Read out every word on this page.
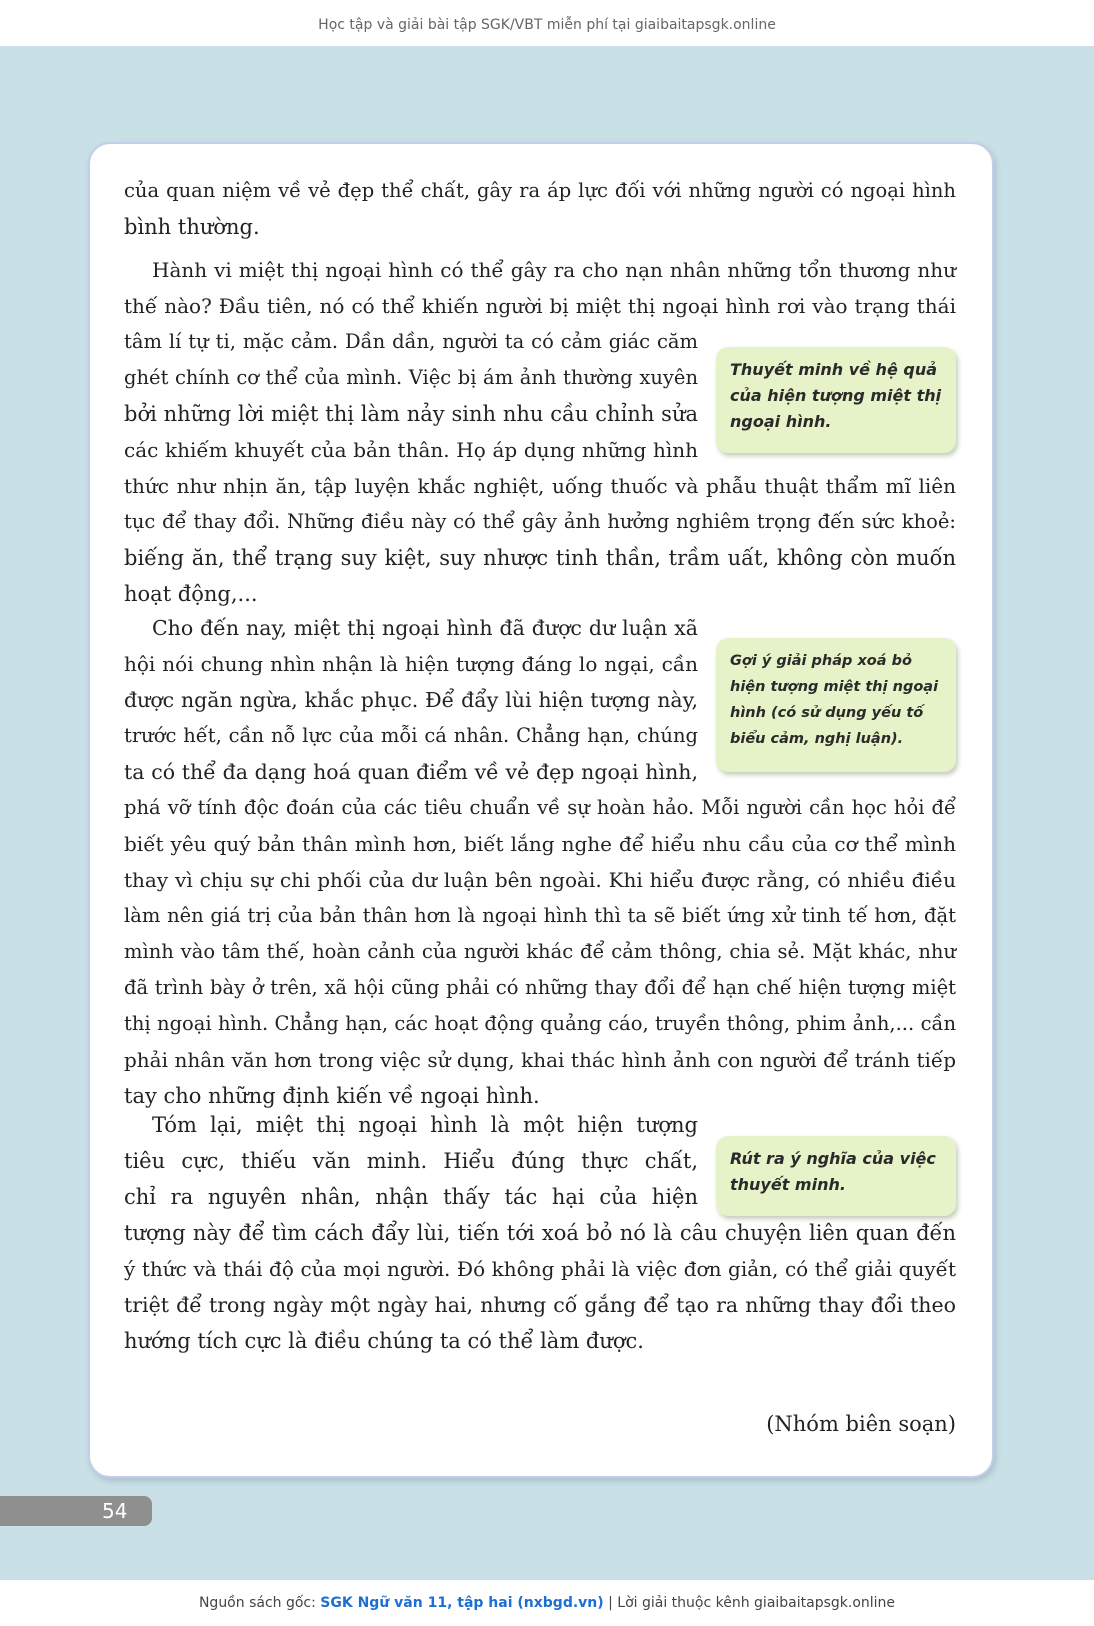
Học tập và giải bài tập SGK/VBT miễn phí tại giaibaitapsgk.online
của quan niệm về vẻ đẹp thể chất, gây ra áp lực đối với những người có ngoại hình
bình thường.
Hành vi miệt thị ngoại hình có thể gây ra cho nạn nhân những tổn thương như
thế nào? Đầu tiên, nó có thể khiến người bị miệt thị ngoại hình rơi vào trạng thái
tâm lí tự ti, mặc cảm. Dần dần, người ta có cảm giác căm
ghét chính cơ thể của mình. Việc bị ám ảnh thường xuyên
bởi những lời miệt thị làm nảy sinh nhu cầu chỉnh sửa
các khiếm khuyết của bản thân. Họ áp dụng những hình
thức như nhịn ăn, tập luyện khắc nghiệt, uống thuốc và phẫu thuật thẩm mĩ liên
tục để thay đổi. Những điều này có thể gây ảnh hưởng nghiêm trọng đến sức khoẻ:
biếng ăn, thể trạng suy kiệt, suy nhược tinh thần, trầm uất, không còn muốn
hoạt động,...
Cho đến nay, miệt thị ngoại hình đã được dư luận xã
hội nói chung nhìn nhận là hiện tượng đáng lo ngại, cần
được ngăn ngừa, khắc phục. Để đẩy lùi hiện tượng này,
trước hết, cần nỗ lực của mỗi cá nhân. Chẳng hạn, chúng
ta có thể đa dạng hoá quan điểm về vẻ đẹp ngoại hình,
phá vỡ tính độc đoán của các tiêu chuẩn về sự hoàn hảo. Mỗi người cần học hỏi để
biết yêu quý bản thân mình hơn, biết lắng nghe để hiểu nhu cầu của cơ thể mình
thay vì chịu sự chi phối của dư luận bên ngoài. Khi hiểu được rằng, có nhiều điều
làm nên giá trị của bản thân hơn là ngoại hình thì ta sẽ biết ứng xử tinh tế hơn, đặt
mình vào tâm thế, hoàn cảnh của người khác để cảm thông, chia sẻ. Mặt khác, như
đã trình bày ở trên, xã hội cũng phải có những thay đổi để hạn chế hiện tượng miệt
thị ngoại hình. Chẳng hạn, các hoạt động quảng cáo, truyền thông, phim ảnh,... cần
phải nhân văn hơn trong việc sử dụng, khai thác hình ảnh con người để tránh tiếp
tay cho những định kiến về ngoại hình.
Tóm lại, miệt thị ngoại hình là một hiện tượng
tiêu cực, thiếu văn minh. Hiểu đúng thực chất,
chỉ ra nguyên nhân, nhận thấy tác hại của hiện
tượng này để tìm cách đẩy lùi, tiến tới xoá bỏ nó là câu chuyện liên quan đến
ý thức và thái độ của mọi người. Đó không phải là việc đơn giản, có thể giải quyết
triệt để trong ngày một ngày hai, nhưng cố gắng để tạo ra những thay đổi theo
hướng tích cực là điều chúng ta có thể làm được.
Thuyết minh về hệ quả
của hiện tượng miệt thị
ngoại hình.
Gợi ý giải pháp xoá bỏ
hiện tượng miệt thị ngoại
hình (có sử dụng yếu tố
biểu cảm, nghị luận).
Rút ra ý nghĩa của việc
thuyết minh.
(Nhóm biên soạn)
54
Nguồn sách gốc: SGK Ngữ văn 11, tập hai (nxbgd.vn) | Lời giải thuộc kênh giaibaitapsgk.online
